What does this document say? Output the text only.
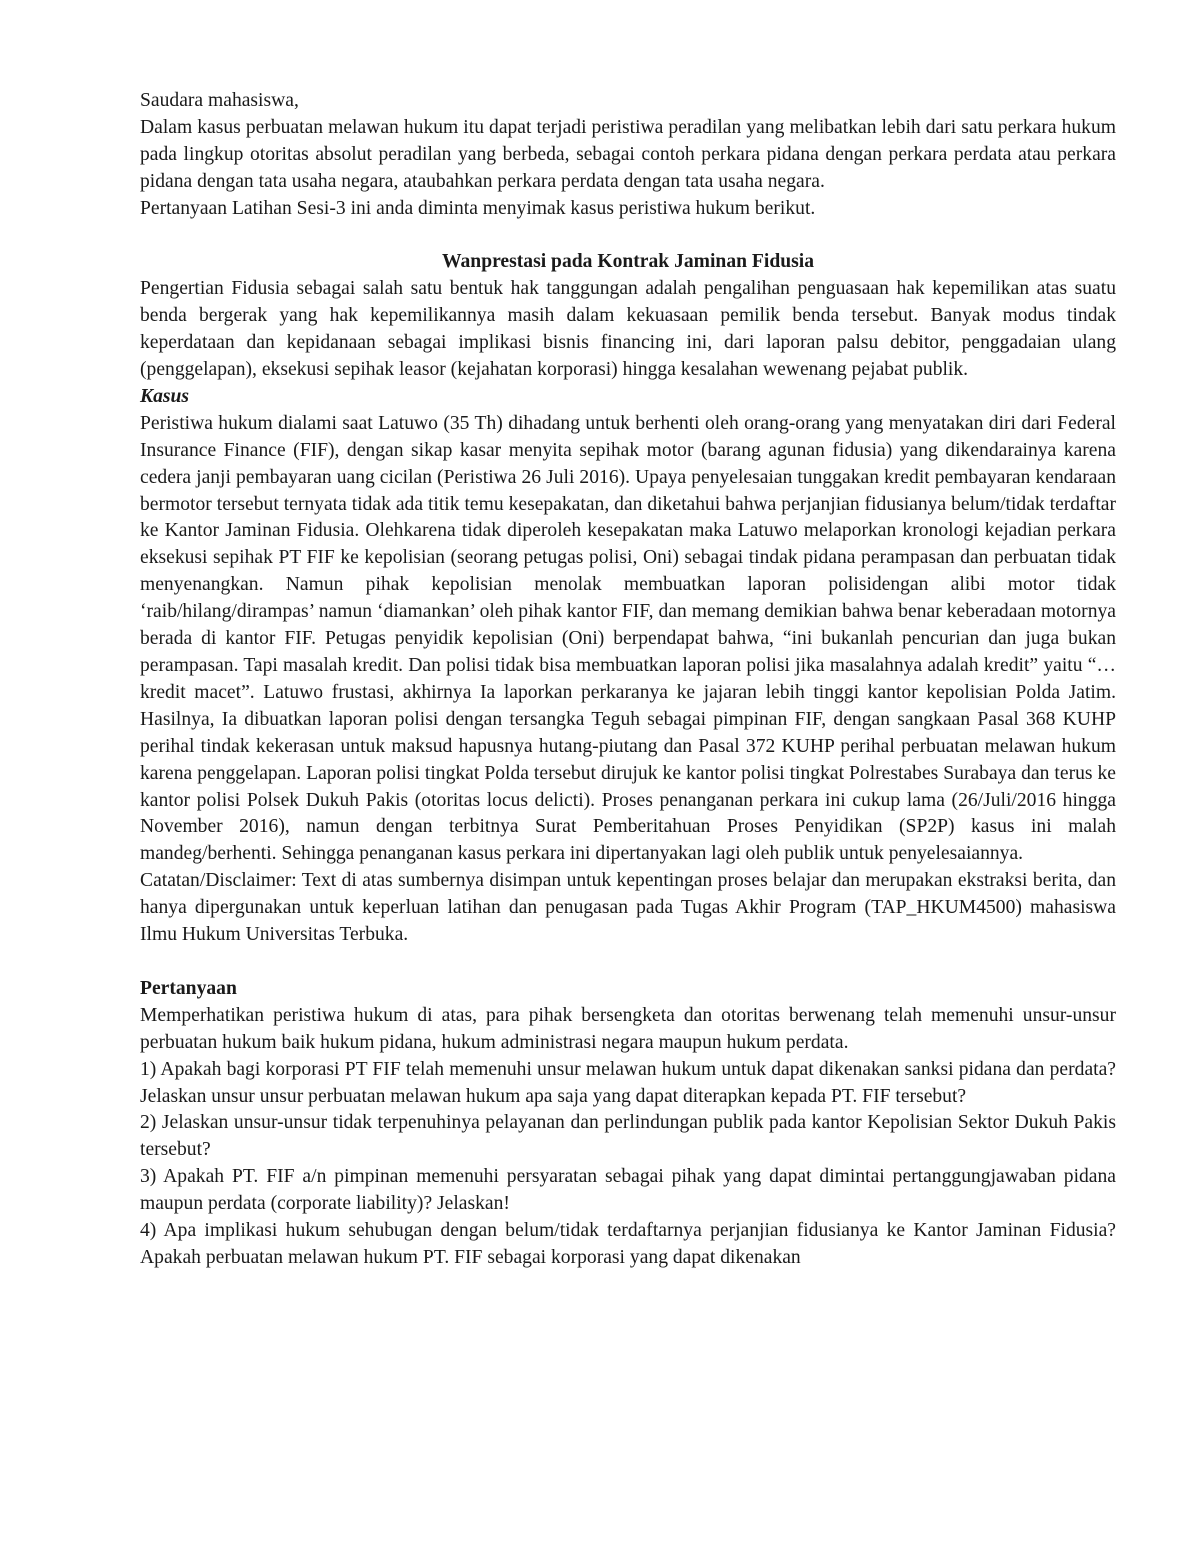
Saudara mahasiswa,

Dalam kasus perbuatan melawan hukum itu dapat terjadi peristiwa peradilan yang melibatkan lebih dari satu perkara hukum pada lingkup otoritas absolut peradilan yang berbeda, sebagai contoh perkara pidana dengan perkara perdata atau perkara pidana dengan tata usaha negara, ataubahkan perkara perdata dengan tata usaha negara.

Pertanyaan Latihan Sesi-3 ini anda diminta menyimak kasus peristiwa hukum berikut.

Wanprestasi pada Kontrak Jaminan Fidusia

Pengertian Fidusia sebagai salah satu bentuk hak tanggungan adalah pengalihan penguasaan hak kepemilikan atas suatu benda bergerak yang hak kepemilikannya masih dalam kekuasaan pemilik benda tersebut. Banyak modus tindak keperdataan dan kepidanaan sebagai implikasi bisnis financing ini, dari laporan palsu debitor, penggadaian ulang (penggelapan), eksekusi sepihak leasor (kejahatan korporasi) hingga kesalahan wewenang pejabat publik.

Kasus

Peristiwa hukum dialami saat Latuwo (35 Th) dihadang untuk berhenti oleh orang-orang yang menyatakan diri dari Federal Insurance Finance (FIF), dengan sikap kasar menyita sepihak motor (barang agunan fidusia) yang dikendarainya karena cedera janji pembayaran uang cicilan (Peristiwa 26 Juli 2016). Upaya penyelesaian tunggakan kredit pembayaran kendaraan bermotor tersebut ternyata tidak ada titik temu kesepakatan, dan diketahui bahwa perjanjian fidusianya belum/tidak terdaftar ke Kantor Jaminan Fidusia. Olehkarena tidak diperoleh kesepakatan maka Latuwo melaporkan kronologi kejadian perkara eksekusi sepihak PT FIF ke kepolisian (seorang petugas polisi, Oni) sebagai tindak pidana perampasan dan perbuatan tidak menyenangkan. Namun pihak kepolisian menolak membuatkan laporan polisidengan alibi motor tidak ‘raib/hilang/dirampas’ namun ‘diamankan’ oleh pihak kantor FIF, dan memang demikian bahwa benar keberadaan motornya berada di kantor FIF. Petugas penyidik kepolisian (Oni) berpendapat bahwa, “ini bukanlah pencurian dan juga bukan perampasan. Tapi masalah kredit. Dan polisi tidak bisa membuatkan laporan polisi jika masalahnya adalah kredit” yaitu “… kredit macet”. Latuwo frustasi, akhirnya Ia laporkan perkaranya ke jajaran lebih tinggi kantor kepolisian Polda Jatim. Hasilnya, Ia dibuatkan laporan polisi dengan tersangka Teguh sebagai pimpinan FIF, dengan sangkaan Pasal 368 KUHP perihal tindak kekerasan untuk maksud hapusnya hutang-piutang dan Pasal 372 KUHP perihal perbuatan melawan hukum karena penggelapan. Laporan polisi tingkat Polda tersebut dirujuk ke kantor polisi tingkat Polrestabes Surabaya dan terus ke kantor polisi Polsek Dukuh Pakis (otoritas locus delicti). Proses penanganan perkara ini cukup lama (26/Juli/2016 hingga November 2016), namun dengan terbitnya Surat Pemberitahuan Proses Penyidikan (SP2P) kasus ini malah mandeg/berhenti. Sehingga penanganan kasus perkara ini dipertanyakan lagi oleh publik untuk penyelesaiannya.

Catatan/Disclaimer: Text di atas sumbernya disimpan untuk kepentingan proses belajar dan merupakan ekstraksi berita, dan hanya dipergunakan untuk keperluan latihan dan penugasan pada Tugas Akhir Program (TAP_HKUM4500) mahasiswa Ilmu Hukum Universitas Terbuka.

Pertanyaan

Memperhatikan peristiwa hukum di atas, para pihak bersengketa dan otoritas berwenang telah memenuhi unsur-unsur perbuatan hukum baik hukum pidana, hukum administrasi negara maupun hukum perdata.

1) Apakah bagi korporasi PT FIF telah memenuhi unsur melawan hukum untuk dapat dikenakan sanksi pidana dan perdata? Jelaskan unsur unsur perbuatan melawan hukum apa saja yang dapat diterapkan kepada PT. FIF tersebut?

2) Jelaskan unsur-unsur tidak terpenuhinya pelayanan dan perlindungan publik pada kantor Kepolisian Sektor Dukuh Pakis tersebut?

3) Apakah PT. FIF a/n pimpinan memenuhi persyaratan sebagai pihak yang dapat dimintai pertanggungjawaban pidana maupun perdata (corporate liability)? Jelaskan!

4) Apa implikasi hukum sehubugan dengan belum/tidak terdaftarnya perjanjian fidusianya ke Kantor Jaminan Fidusia? Apakah perbuatan melawan hukum PT. FIF sebagai korporasi yang dapat dikenakan
